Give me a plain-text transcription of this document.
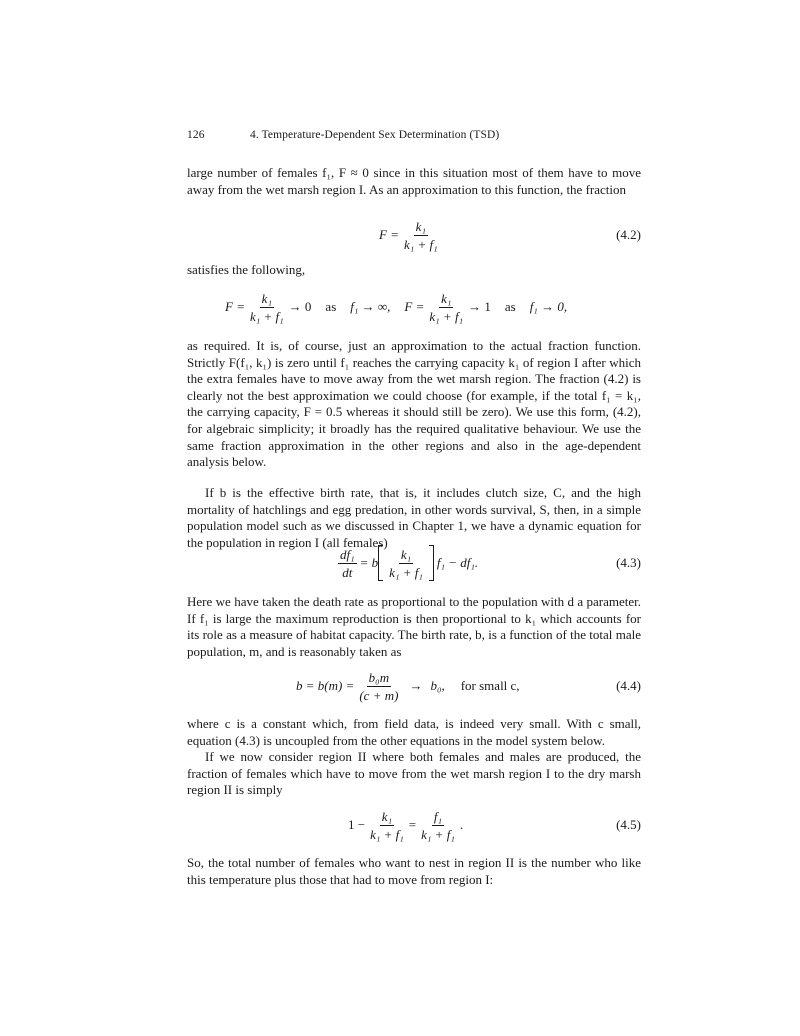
126	4. Temperature-Dependent Sex Determination (TSD)

large number of females f₁, F ≈ 0 since in this situation most of them have to move away from the wet marsh region I. As an approximation to this function, the fraction

$F = \frac{\text{k₁}}{\text{k₁ + f₁}}$	(4.2)

satisfies the following,

$F = \frac{\text{k₁}}{\text{k₁ + f₁}} \to 0$ as f₁ → ∞, $F = \frac{\text{k₁}}{\text{k₁ + f₁}} \to 1$ as f₁ → 0,

as required. It is, of course, just an approximation to the actual fraction function. Strictly F(f₁, k₁) is zero until f₁ reaches the carrying capacity k₁ of region I after which the extra females have to move away from the wet marsh region. The fraction (4.2) is clearly not the best approximation we could choose (for example, if the total f₁ = k₁, the carrying capacity, F = 0.5 whereas it should still be zero). We use this form, (4.2), for algebraic simplicity; it broadly has the required qualitative behaviour. We use the same fraction approximation in the other regions and also in the age-dependent analysis below.

If b is the effective birth rate, that is, it includes clutch size, C, and the high mortality of hatchlings and egg predation, in other words survival, S, then, in a simple population model such as we discussed in Chapter 1, we have a dynamic equation for the population in region I (all females)

$\frac{\text{df₁}}{dt} = b \frac{\text{k₁}}{\text{k₁ + f₁}} f_1 - df_1$.	(4.3)

Here we have taken the death rate as proportional to the population with d a parameter. If f₁ is large the maximum reproduction is then proportional to k₁ which accounts for its role as a measure of habitat capacity. The birth rate, b, is a function of the total male population, m, and is reasonably taken as

$b = b(m) = \frac{\text{b₀m}}{(c + m)} \to b_0$, for small c,	(4.4)

where c is a constant which, from field data, is indeed very small. With c small, equation (4.3) is uncoupled from the other equations in the model system below.

If we now consider region II where both females and males are produced, the fraction of females which have to move from the wet marsh region I to the dry marsh region II is simply

$1 - \frac{\text{k₁}}{\text{k₁ + f₁}} = \frac{\text{f₁}}{\text{k₁ + f₁}}$ .	(4.5)

So, the total number of females who want to nest in region II is the number who like this temperature plus those that had to move from region I:
